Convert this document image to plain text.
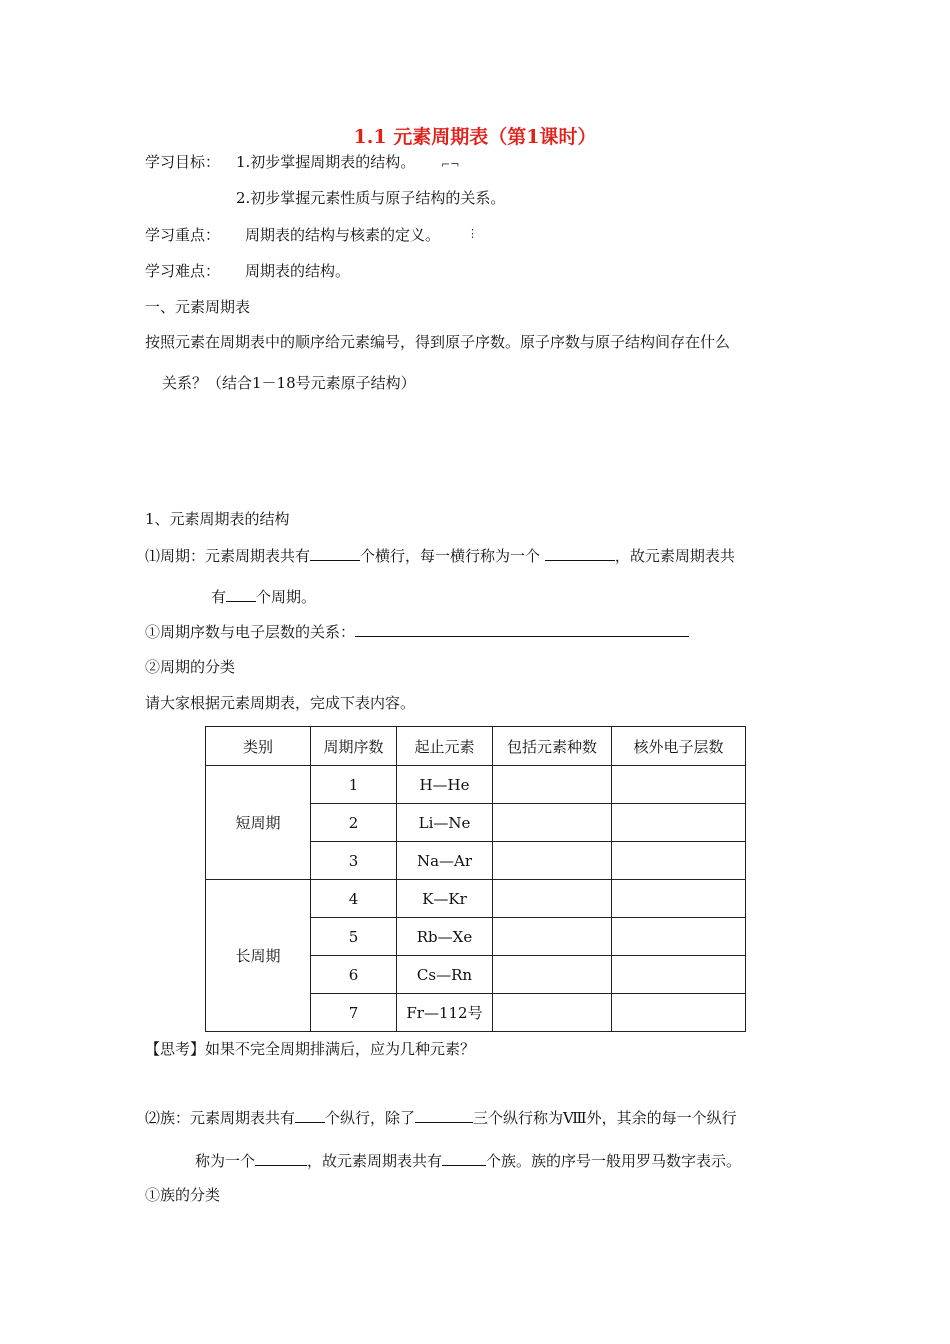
1.1 元素周期表（第1课时）
学习目标： 1.初步掌握周期表的结构。 ⌐¬
2.初步掌握元素性质与原子结构的关系。
学习重点： 周期表的结构与核素的定义。 ⋮
学习难点： 周期表的结构。
一、元素周期表
按照元素在周期表中的顺序给元素编号，得到原子序数。原子序数与原子结构间存在什么
关系？（结合1－18号元素原子结构）
1、元素周期表的结构
⑴周期：元素周期表共有	个横行，每一横行称为一个	，故元素周期表共
有 个周期。
①周期序数与电子层数的关系：
②周期的分类
请大家根据元素周期表，完成下表内容。
类别	周期序数	起止元素	包括元素种数	核外电子层数
短周期	1	H—He		
	2	Li—Ne		
	3	Na—Ar		
长周期	4	K—Kr		
	5	Rb—Xe		
	6	Cs—Rn		
	7	Fr—112号		
【思考】如果不完全周期排满后，应为几种元素？
⑵族：元素周期表共有 个纵行，除了	三个纵行称为Ⅷ外，其余的每一个纵行
称为一个	，故元素周期表共有	个族。族的序号一般用罗马数字表示。
①族的分类
